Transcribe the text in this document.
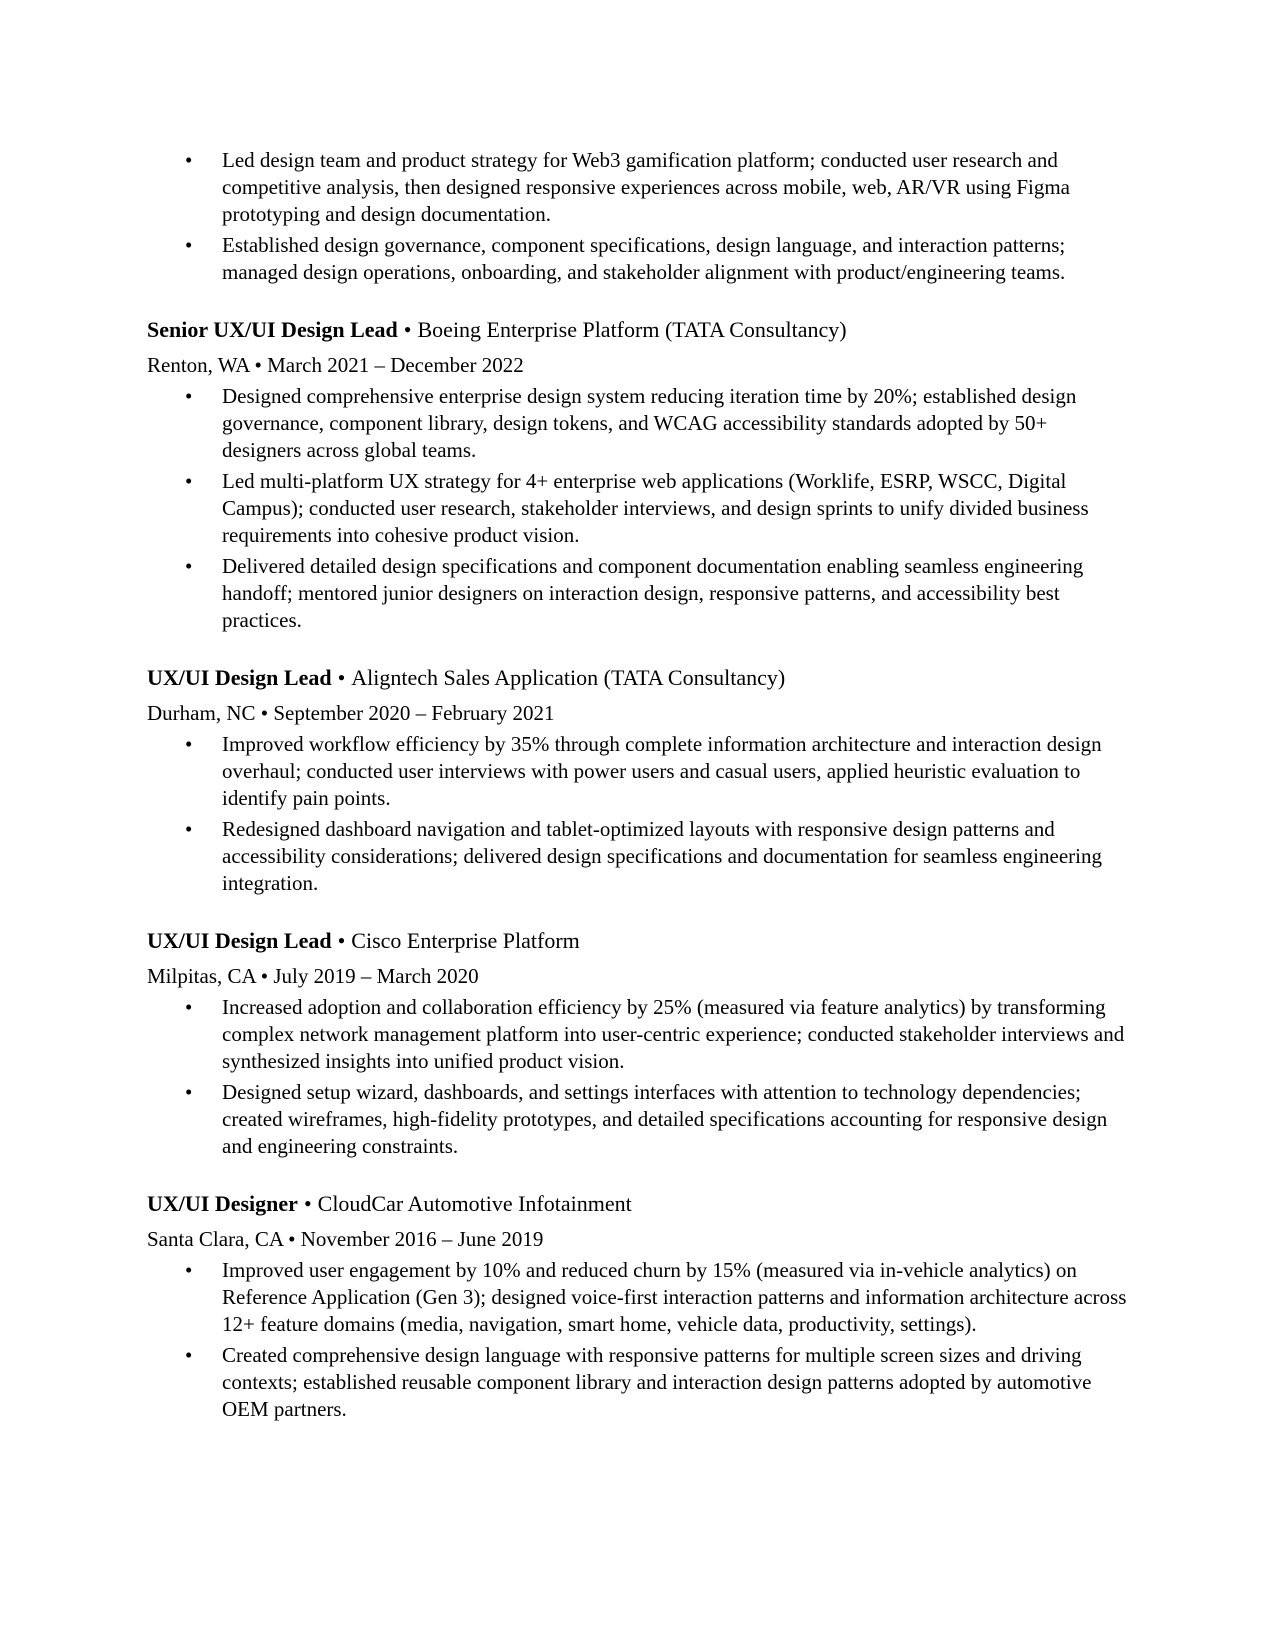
• Led design team and product strategy for Web3 gamification platform; conducted user research and competitive analysis, then designed responsive experiences across mobile, web, AR/VR using Figma prototyping and design documentation.
• Established design governance, component specifications, design language, and interaction patterns; managed design operations, onboarding, and stakeholder alignment with product/engineering teams.
Senior UX/UI Design Lead • Boeing Enterprise Platform (TATA Consultancy)

Renton, WA • March 2021 – December 2022

• Designed comprehensive enterprise design system reducing iteration time by 20%; established design governance, component library, design tokens, and WCAG accessibility standards adopted by 50+ designers across global teams.
• Led multi-platform UX strategy for 4+ enterprise web applications (Worklife, ESRP, WSCC, Digital Campus); conducted user research, stakeholder interviews, and design sprints to unify divided business requirements into cohesive product vision.
• Delivered detailed design specifications and component documentation enabling seamless engineering handoff; mentored junior designers on interaction design, responsive patterns, and accessibility best practices.
UX/UI Design Lead • Aligntech Sales Application (TATA Consultancy)

Durham, NC • September 2020 – February 2021

• Improved workflow efficiency by 35% through complete information architecture and interaction design overhaul; conducted user interviews with power users and casual users, applied heuristic evaluation to identify pain points.
• Redesigned dashboard navigation and tablet-optimized layouts with responsive design patterns and accessibility considerations; delivered design specifications and documentation for seamless engineering integration.
UX/UI Design Lead • Cisco Enterprise Platform

Milpitas, CA • July 2019 – March 2020

• Increased adoption and collaboration efficiency by 25% (measured via feature analytics) by transforming complex network management platform into user-centric experience; conducted stakeholder interviews and synthesized insights into unified product vision.
• Designed setup wizard, dashboards, and settings interfaces with attention to technology dependencies; created wireframes, high-fidelity prototypes, and detailed specifications accounting for responsive design and engineering constraints.
UX/UI Designer • CloudCar Automotive Infotainment

Santa Clara, CA • November 2016 – June 2019

• Improved user engagement by 10% and reduced churn by 15% (measured via in-vehicle analytics) on Reference Application (Gen 3); designed voice-first interaction patterns and information architecture across 12+ feature domains (media, navigation, smart home, vehicle data, productivity, settings).
• Created comprehensive design language with responsive patterns for multiple screen sizes and driving contexts; established reusable component library and interaction design patterns adopted by automotive OEM partners.
